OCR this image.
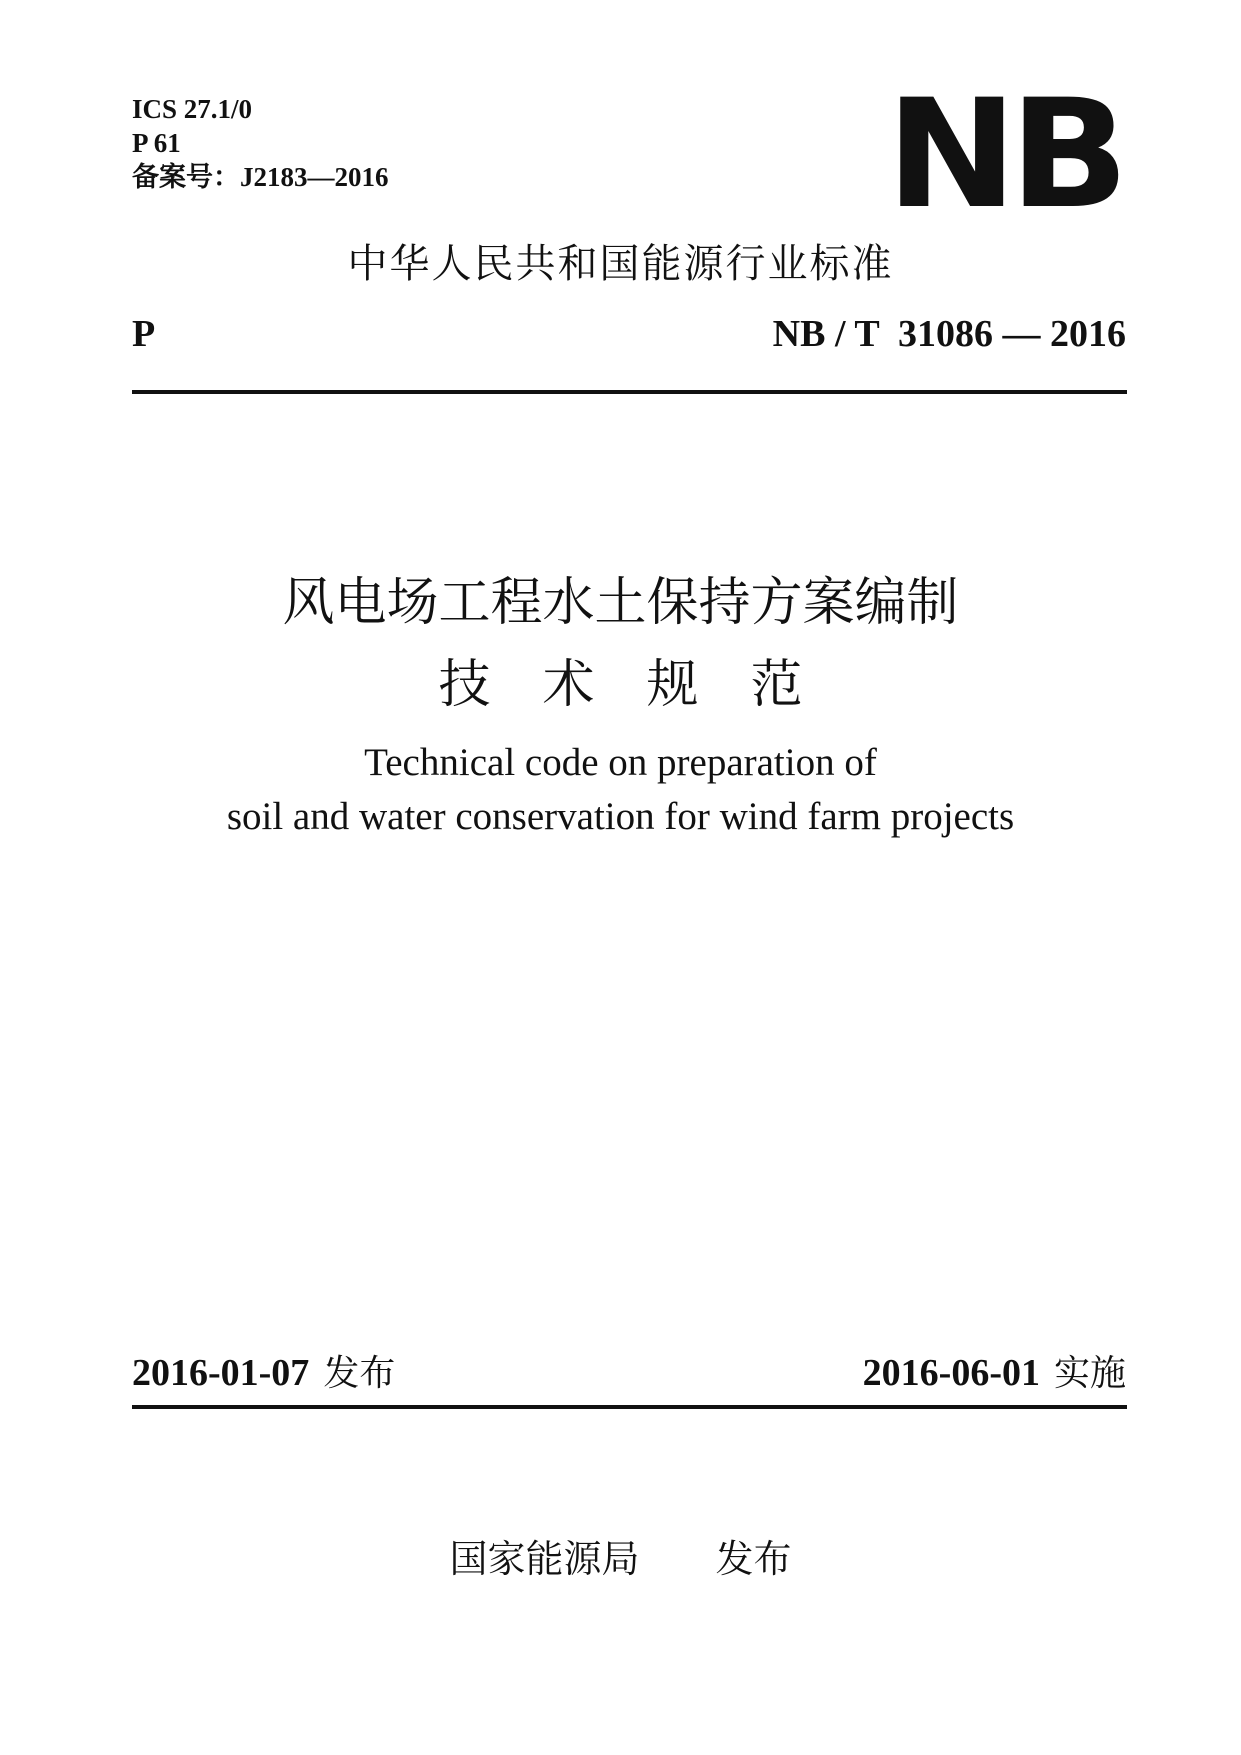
ICS 27.1/0
P 61
备案号：J2183—2016	NB
中华人民共和国能源行业标准
P	NB / T  31086 — 2016
风电场工程水土保持方案编制
技　术　规　范
Technical code on preparation of
soil and water conservation for wind farm projects
2016-01-07 发布	2016-06-01 实施
国家能源局　　发布
